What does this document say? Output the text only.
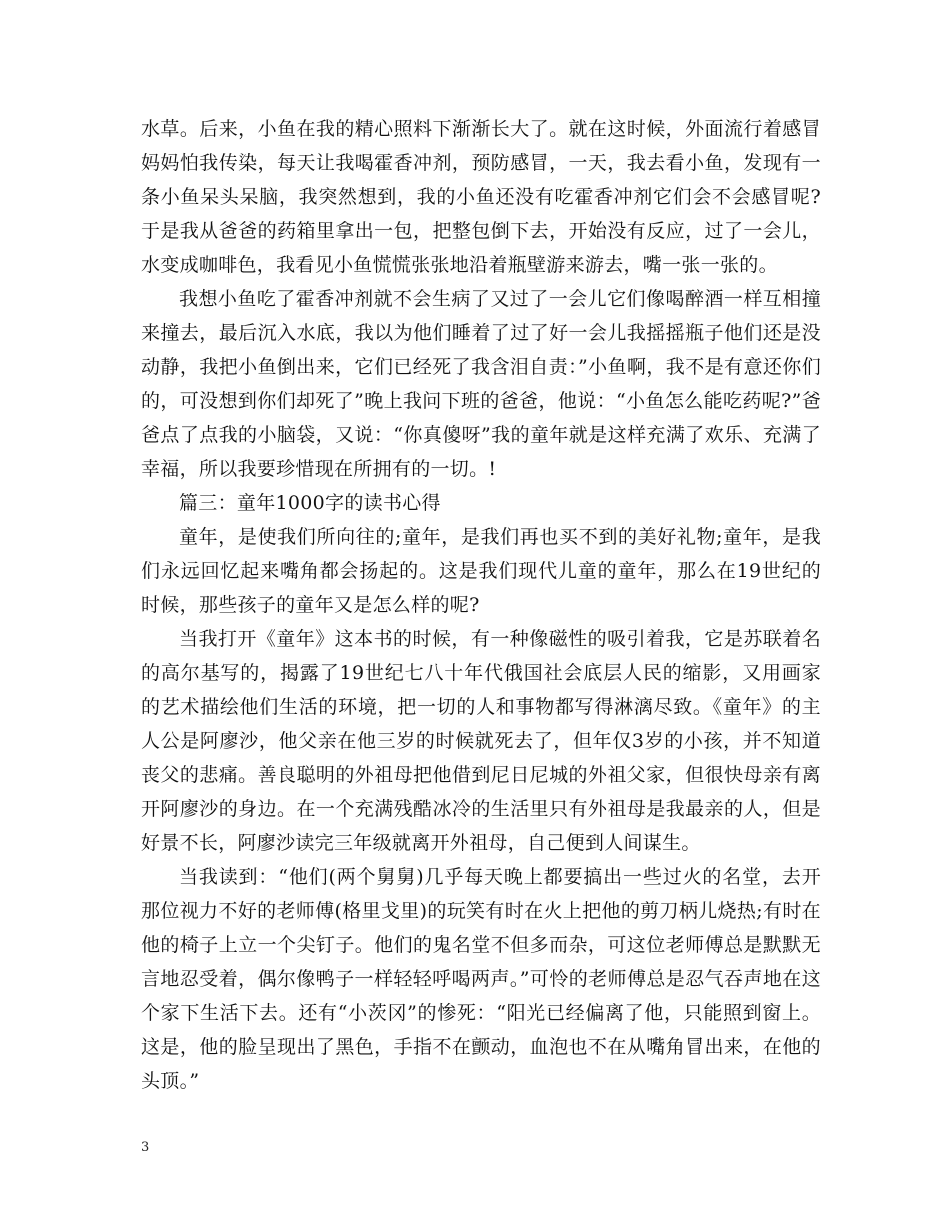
水草。后来，小鱼在我的精心照料下渐渐长大了。就在这时候，外面流行着感冒妈妈怕我传染，每天让我喝霍香冲剂，预防感冒，一天，我去看小鱼，发现有一条小鱼呆头呆脑，我突然想到，我的小鱼还没有吃霍香冲剂它们会不会感冒呢?于是我从爸爸的药箱里拿出一包，把整包倒下去，开始没有反应，过了一会儿，水变成咖啡色，我看见小鱼慌慌张张地沿着瓶壁游来游去，嘴一张一张的。

我想小鱼吃了霍香冲剂就不会生病了又过了一会儿它们像喝醉酒一样互相撞来撞去，最后沉入水底，我以为他们睡着了过了好一会儿我摇摇瓶子他们还是没动静，我把小鱼倒出来，它们已经死了我含泪自责：”小鱼啊，我不是有意还你们的，可没想到你们却死了”晚上我问下班的爸爸，他说：“小鱼怎么能吃药呢?”爸爸点了点我的小脑袋，又说：“你真傻呀”我的童年就是这样充满了欢乐、充满了幸福，所以我要珍惜现在所拥有的一切。!

篇三：童年1000字的读书心得

童年，是使我们所向往的;童年，是我们再也买不到的美好礼物;童年，是我们永远回忆起来嘴角都会扬起的。这是我们现代儿童的童年，那么在19世纪的时候，那些孩子的童年又是怎么样的呢?

当我打开《童年》这本书的时候，有一种像磁性的吸引着我，它是苏联着名的高尔基写的，揭露了19世纪七八十年代俄国社会底层人民的缩影，又用画家的艺术描绘他们生活的环境，把一切的人和事物都写得淋漓尽致。《童年》的主人公是阿廖沙，他父亲在他三岁的时候就死去了，但年仅3岁的小孩，并不知道丧父的悲痛。善良聪明的外祖母把他借到尼日尼城的外祖父家，但很快母亲有离开阿廖沙的身边。在一个充满残酷冰冷的生活里只有外祖母是我最亲的人，但是好景不长，阿廖沙读完三年级就离开外祖母，自己便到人间谋生。

当我读到：“他们(两个舅舅)几乎每天晚上都要搞出一些过火的名堂，去开那位视力不好的老师傅(格里戈里)的玩笑有时在火上把他的剪刀柄儿烧热;有时在他的椅子上立一个尖钉子。他们的鬼名堂不但多而杂，可这位老师傅总是默默无言地忍受着，偶尔像鸭子一样轻轻呼喝两声。”可怜的老师傅总是忍气吞声地在这个家下生活下去。还有“小茨冈”的惨死：“阳光已经偏离了他，只能照到窗上。这是，他的脸呈现出了黑色，手指不在颤动，血泡也不在从嘴角冒出来，在他的头顶。”

3
